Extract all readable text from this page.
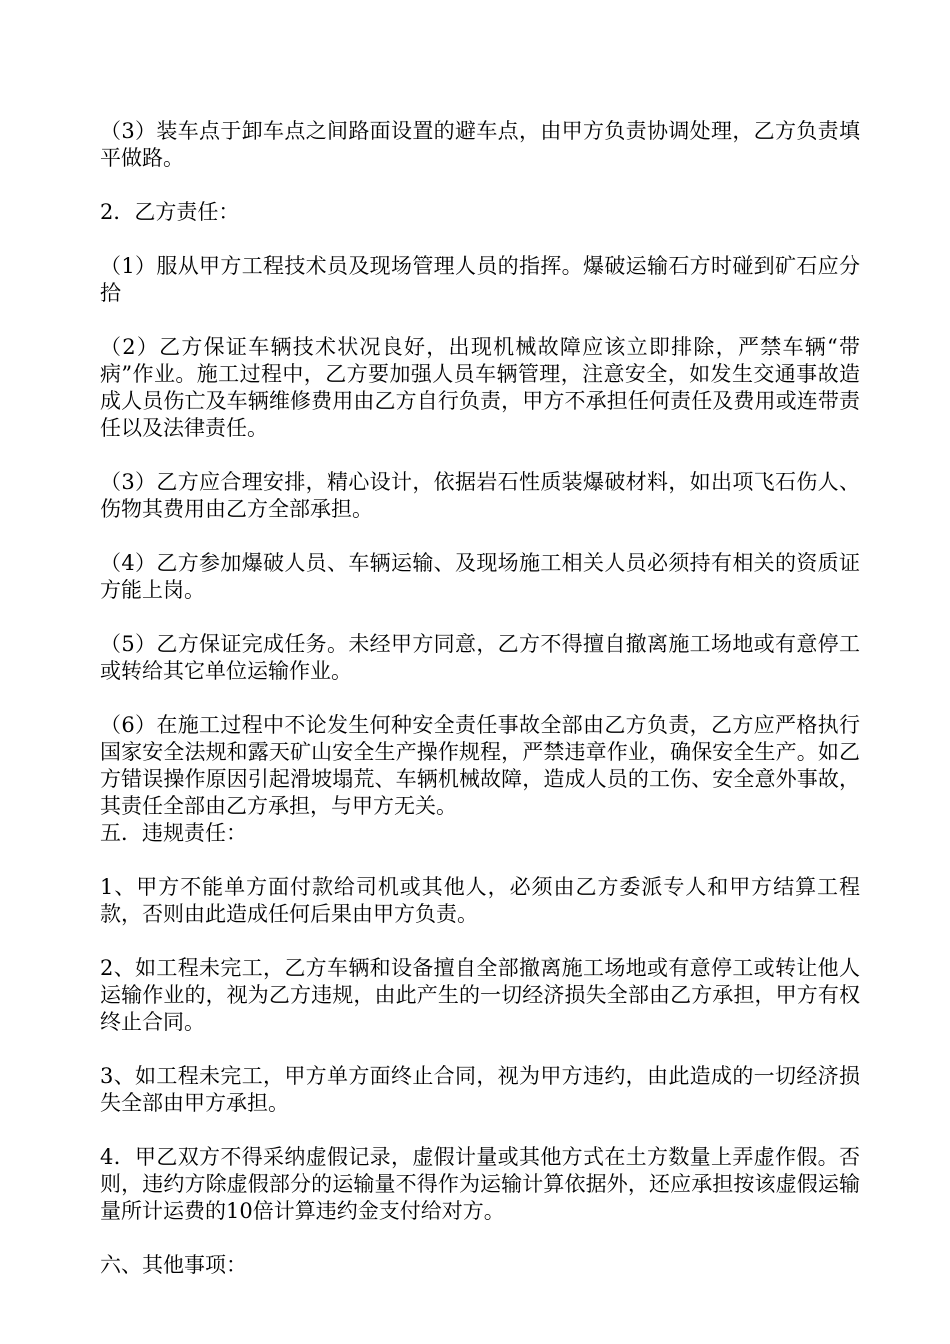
（3）装车点于卸车点之间路面设置的避车点，由甲方负责协调处理，乙方负责填平做路。

2．乙方责任：

（1）服从甲方工程技术员及现场管理人员的指挥。爆破运输石方时碰到矿石应分拾

（2）乙方保证车辆技术状况良好，出现机械故障应该立即排除，严禁车辆“带病”作业。施工过程中，乙方要加强人员车辆管理，注意安全，如发生交通事故造成人员伤亡及车辆维修费用由乙方自行负责，甲方不承担任何责任及费用或连带责任以及法律责任。

（3）乙方应合理安排，精心设计，依据岩石性质装爆破材料，如出项飞石伤人、伤物其费用由乙方全部承担。

（4）乙方参加爆破人员、车辆运输、及现场施工相关人员必须持有相关的资质证方能上岗。

（5）乙方保证完成任务。未经甲方同意，乙方不得擅自撤离施工场地或有意停工或转给其它单位运输作业。

（6）在施工过程中不论发生何种安全责任事故全部由乙方负责，乙方应严格执行国家安全法规和露天矿山安全生产操作规程，严禁违章作业，确保安全生产。如乙方错误操作原因引起滑坡塌荒、车辆机械故障，造成人员的工伤、安全意外事故，其责任全部由乙方承担，与甲方无关。

五．违规责任：

1、甲方不能单方面付款给司机或其他人，必须由乙方委派专人和甲方结算工程款，否则由此造成任何后果由甲方负责。

2、如工程未完工，乙方车辆和设备擅自全部撤离施工场地或有意停工或转让他人运输作业的，视为乙方违规，由此产生的一切经济损失全部由乙方承担，甲方有权终止合同。

3、如工程未完工，甲方单方面终止合同，视为甲方违约，由此造成的一切经济损失全部由甲方承担。

4．甲乙双方不得采纳虚假记录，虚假计量或其他方式在土方数量上弄虚作假。否则，违约方除虚假部分的运输量不得作为运输计算依据外，还应承担按该虚假运输量所计运费的10倍计算违约金支付给对方。

六、其他事项：
